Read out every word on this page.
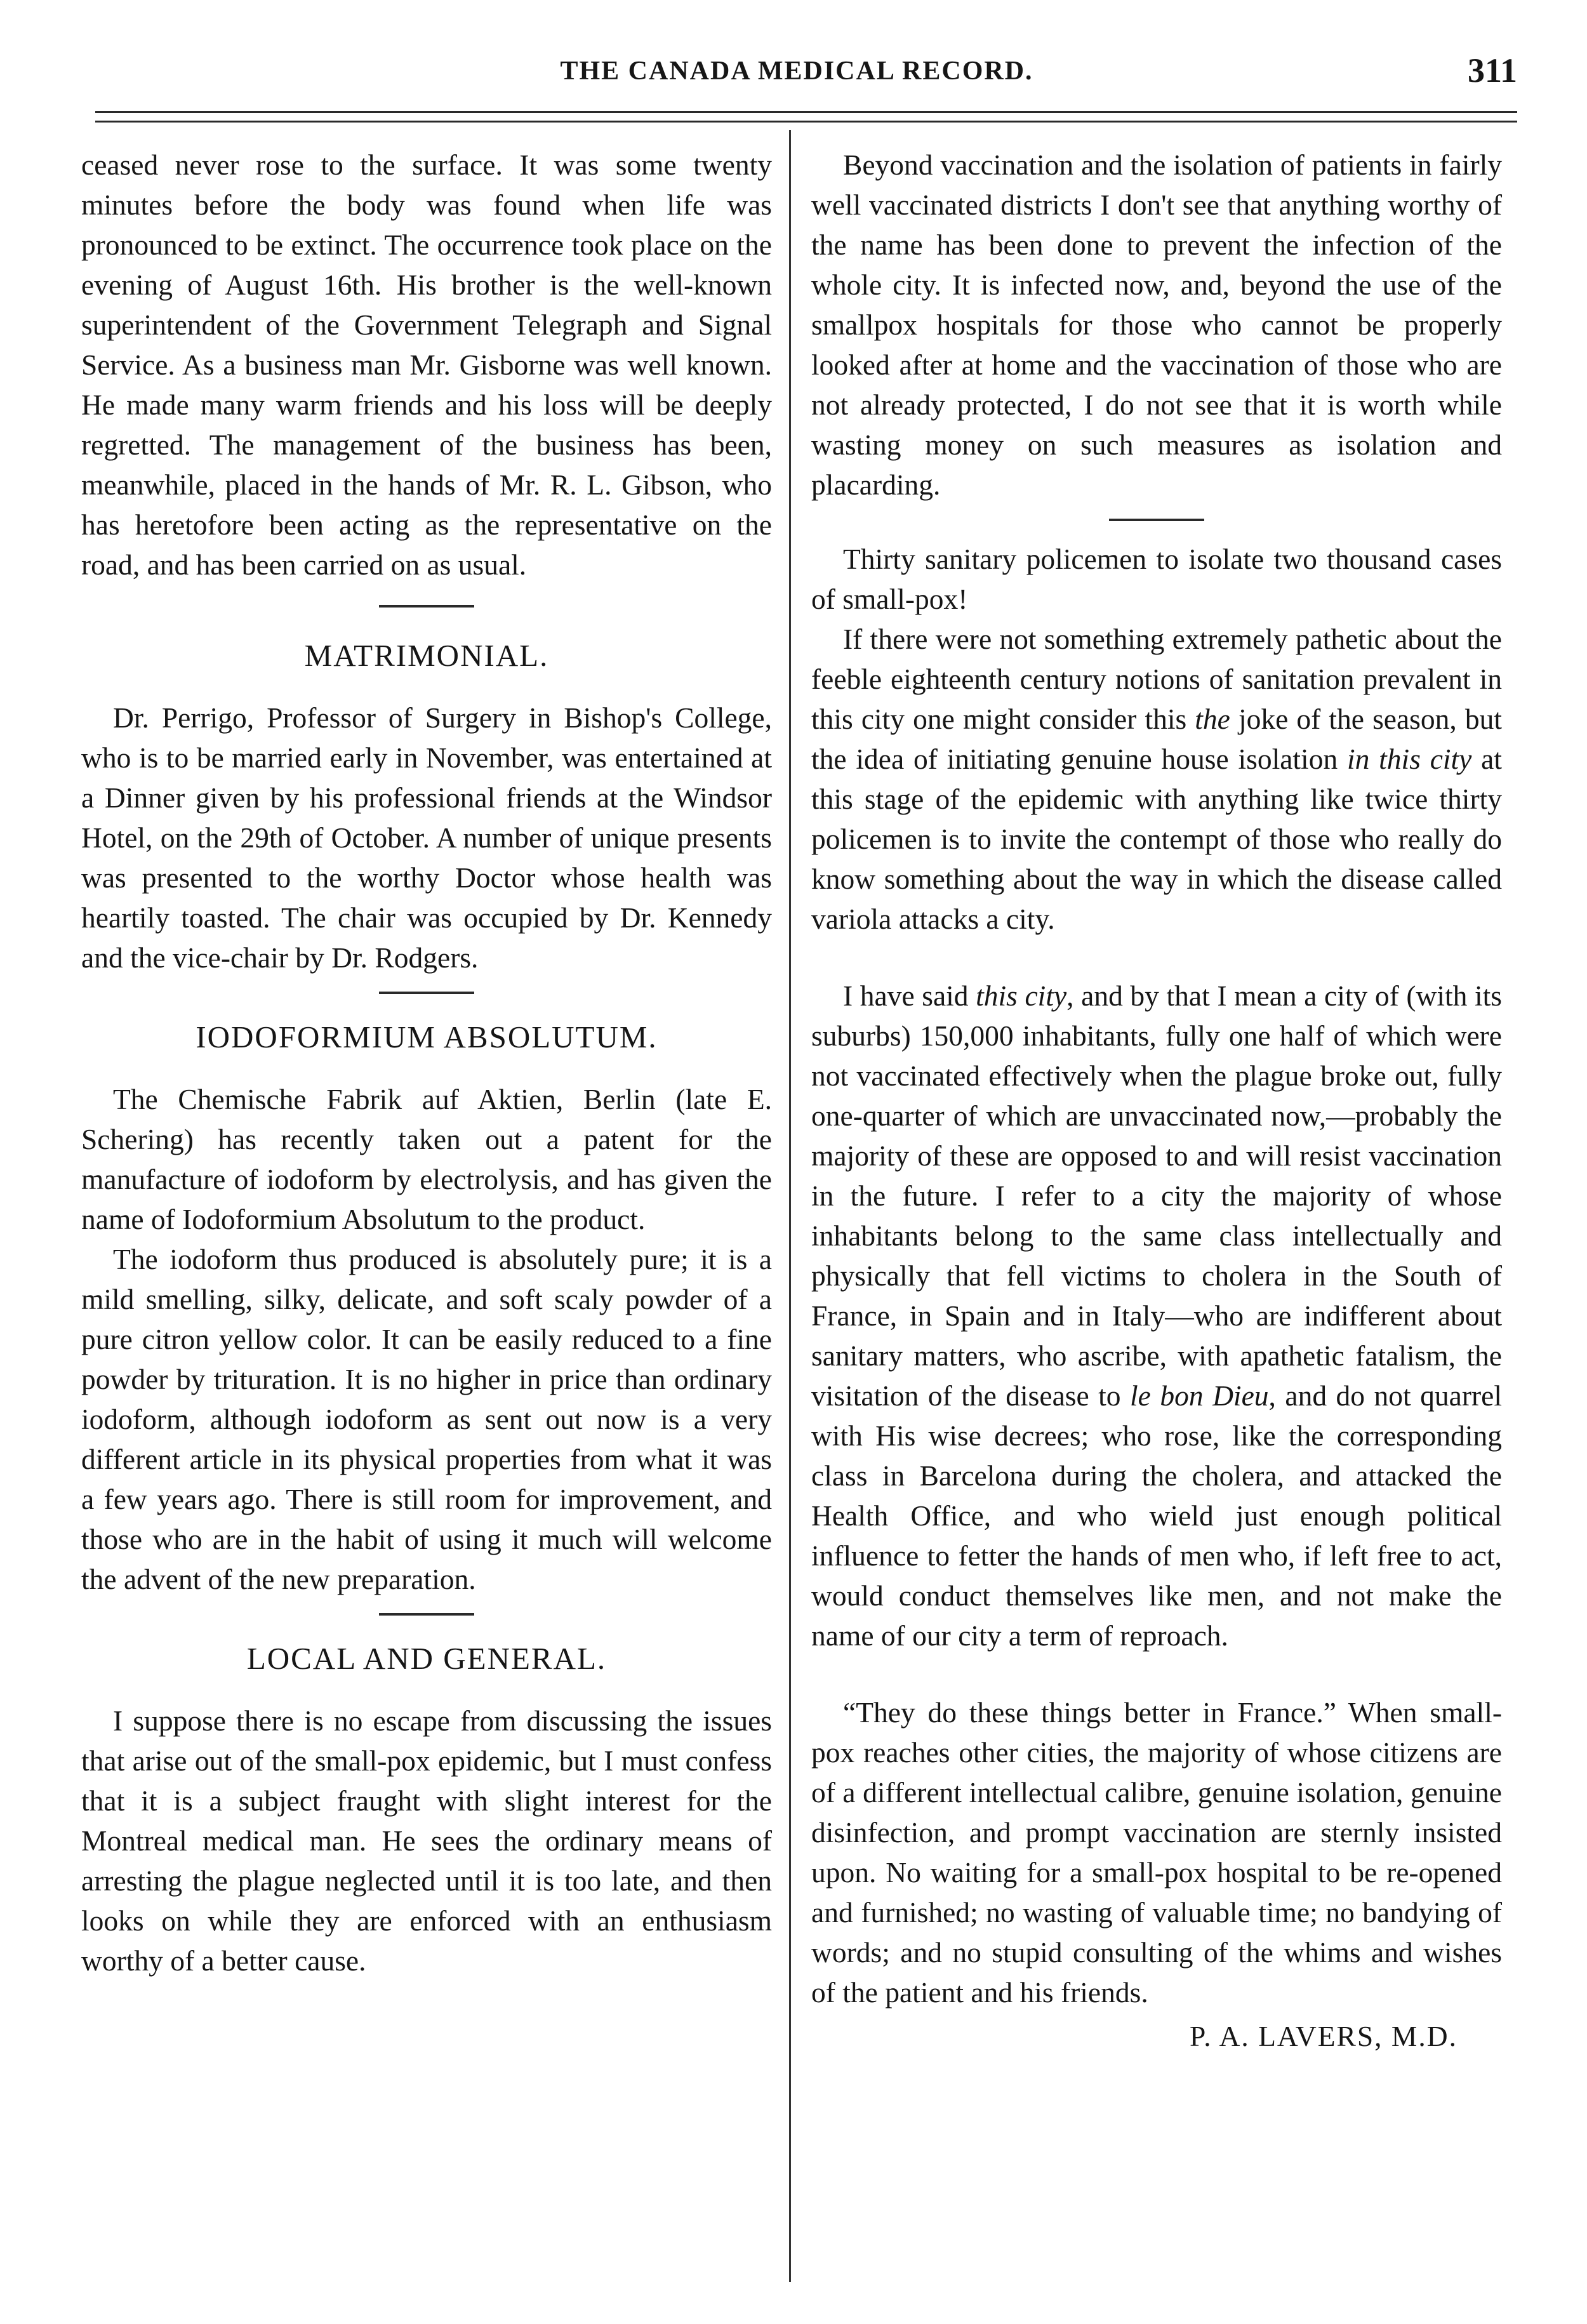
THE CANADA MEDICAL RECORD.	311

ceased never rose to the surface. It was some twenty minutes before the body was found when life was pronounced to be extinct. The occurrence took place on the evening of August 16th. His brother is the well-known superintendent of the Government Telegraph and Signal Service. As a business man Mr. Gisborne was well known. He made many warm friends and his loss will be deeply regretted. The management of the business has been, meanwhile, placed in the hands of Mr. R. L. Gibson, who has heretofore been acting as the representative on the road, and has been carried on as usual.

MATRIMONIAL.

Dr. Perrigo, Professor of Surgery in Bishop's College, who is to be married early in November, was entertained at a Dinner given by his professional friends at the Windsor Hotel, on the 29th of October. A number of unique presents was presented to the worthy Doctor whose health was heartily toasted. The chair was occupied by Dr. Kennedy and the vice-chair by Dr. Rodgers.

IODOFORMIUM ABSOLUTUM.

The Chemische Fabrik auf Aktien, Berlin (late E. Schering) has recently taken out a patent for the manufacture of iodoform by electrolysis, and has given the name of Iodoformium Absolutum to the product.

The iodoform thus produced is absolutely pure; it is a mild smelling, silky, delicate, and soft scaly powder of a pure citron yellow color. It can be easily reduced to a fine powder by trituration. It is no higher in price than ordinary iodoform, although iodoform as sent out now is a very different article in its physical properties from what it was a few years ago. There is still room for improvement, and those who are in the habit of using it much will welcome the advent of the new preparation.

LOCAL AND GENERAL.

I suppose there is no escape from discussing the issues that arise out of the small-pox epidemic, but I must confess that it is a subject fraught with slight interest for the Montreal medical man. He sees the ordinary means of arresting the plague neglected until it is too late, and then looks on while they are enforced with an enthusiasm worthy of a better cause.

Beyond vaccination and the isolation of patients in fairly well vaccinated districts I don't see that anything worthy of the name has been done to prevent the infection of the whole city. It is infected now, and, beyond the use of the smallpox hospitals for those who cannot be properly looked after at home and the vaccination of those who are not already protected, I do not see that it is worth while wasting money on such measures as isolation and placarding.

Thirty sanitary policemen to isolate two thousand cases of small-pox!

If there were not something extremely pathetic about the feeble eighteenth century notions of sanitation prevalent in this city one might consider this the joke of the season, but the idea of initiating genuine house isolation in this city at this stage of the epidemic with anything like twice thirty policemen is to invite the contempt of those who really do know something about the way in which the disease called variola attacks a city.

I have said this city, and by that I mean a city of (with its suburbs) 150,000 inhabitants, fully one half of which were not vaccinated effectively when the plague broke out, fully one-quarter of which are unvaccinated now,—probably the majority of these are opposed to and will resist vaccination in the future. I refer to a city the majority of whose inhabitants belong to the same class intellectually and physically that fell victims to cholera in the South of France, in Spain and in Italy—who are indifferent about sanitary matters, who ascribe, with apathetic fatalism, the visitation of the disease to le bon Dieu, and do not quarrel with His wise decrees; who rose, like the corresponding class in Barcelona during the cholera, and attacked the Health Office, and who wield just enough political influence to fetter the hands of men who, if left free to act, would conduct themselves like men, and not make the name of our city a term of reproach.

“They do these things better in France.” When small-pox reaches other cities, the majority of whose citizens are of a different intellectual calibre, genuine isolation, genuine disinfection, and prompt vaccination are sternly insisted upon. No waiting for a small-pox hospital to be re-opened and furnished; no wasting of valuable time; no bandying of words; and no stupid consulting of the whims and wishes of the patient and his friends.

P. A. LAVERS, M.D.
